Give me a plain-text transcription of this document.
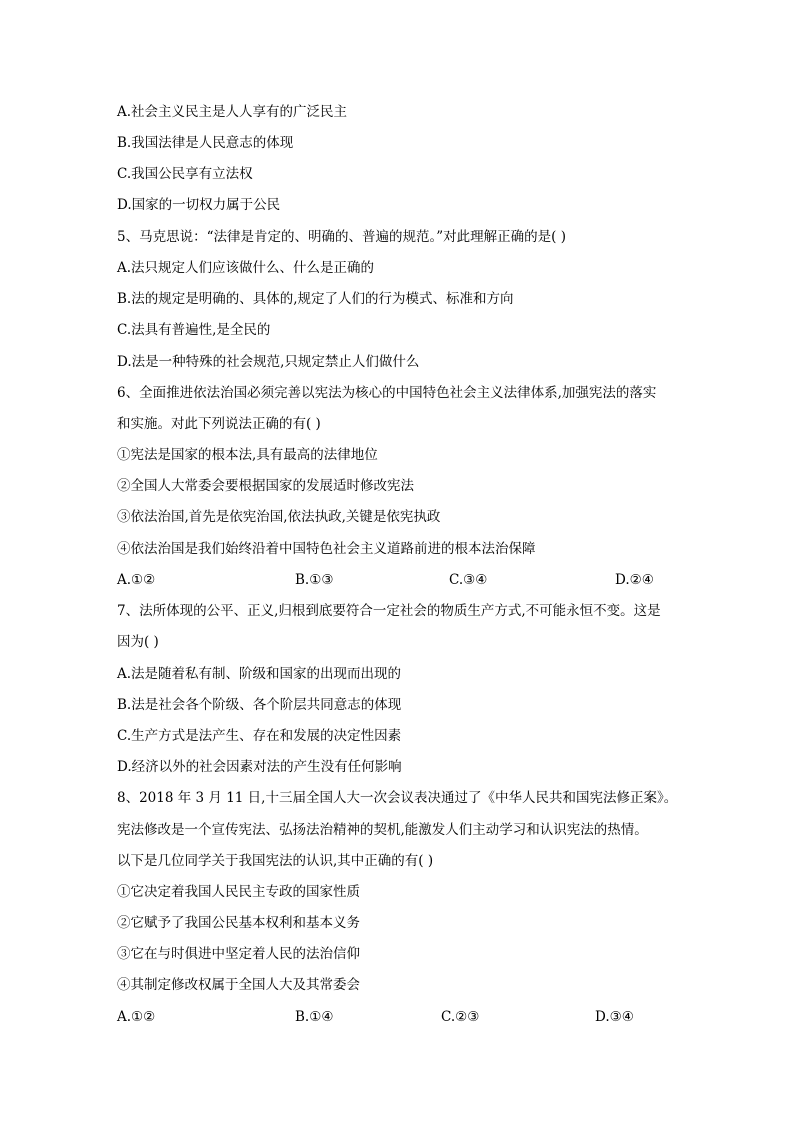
A.社会主义民主是人人享有的广泛民主
B.我国法律是人民意志的体现
C.我国公民享有立法权
D.国家的一切权力属于公民
5、马克思说：“法律是肯定的、明确的、普遍的规范。”对此理解正确的是( )
A.法只规定人们应该做什么、什么是正确的
B.法的规定是明确的、具体的,规定了人们的行为模式、标准和方向
C.法具有普遍性,是全民的
D.法是一种特殊的社会规范,只规定禁止人们做什么
6、全面推进依法治国必须完善以宪法为核心的中国特色社会主义法律体系,加强宪法的落实
和实施。对此下列说法正确的有( )
①宪法是国家的根本法,具有最高的法律地位
②全国人大常委会要根据国家的发展适时修改宪法
③依法治国,首先是依宪治国,依法执政,关键是依宪执政
④依法治国是我们始终沿着中国特色社会主义道路前进的根本法治保障
A.①②	B.①③	C.③④	D.②④
7、法所体现的公平、正义,归根到底要符合一定社会的物质生产方式,不可能永恒不变。这是
因为( )
A.法是随着私有制、阶级和国家的出现而出现的
B.法是社会各个阶级、各个阶层共同意志的体现
C.生产方式是法产生、存在和发展的决定性因素
D.经济以外的社会因素对法的产生没有任何影响
8、2018 年 3 月 11 日,十三届全国人大一次会议表决通过了《中华人民共和国宪法修正案》。
宪法修改是一个宣传宪法、弘扬法治精神的契机,能激发人们主动学习和认识宪法的热情。
以下是几位同学关于我国宪法的认识,其中正确的有( )
①它决定着我国人民民主专政的国家性质
②它赋予了我国公民基本权利和基本义务
③它在与时俱进中坚定着人民的法治信仰
④其制定修改权属于全国人大及其常委会
A.①②	B.①④	C.②③	D.③④
